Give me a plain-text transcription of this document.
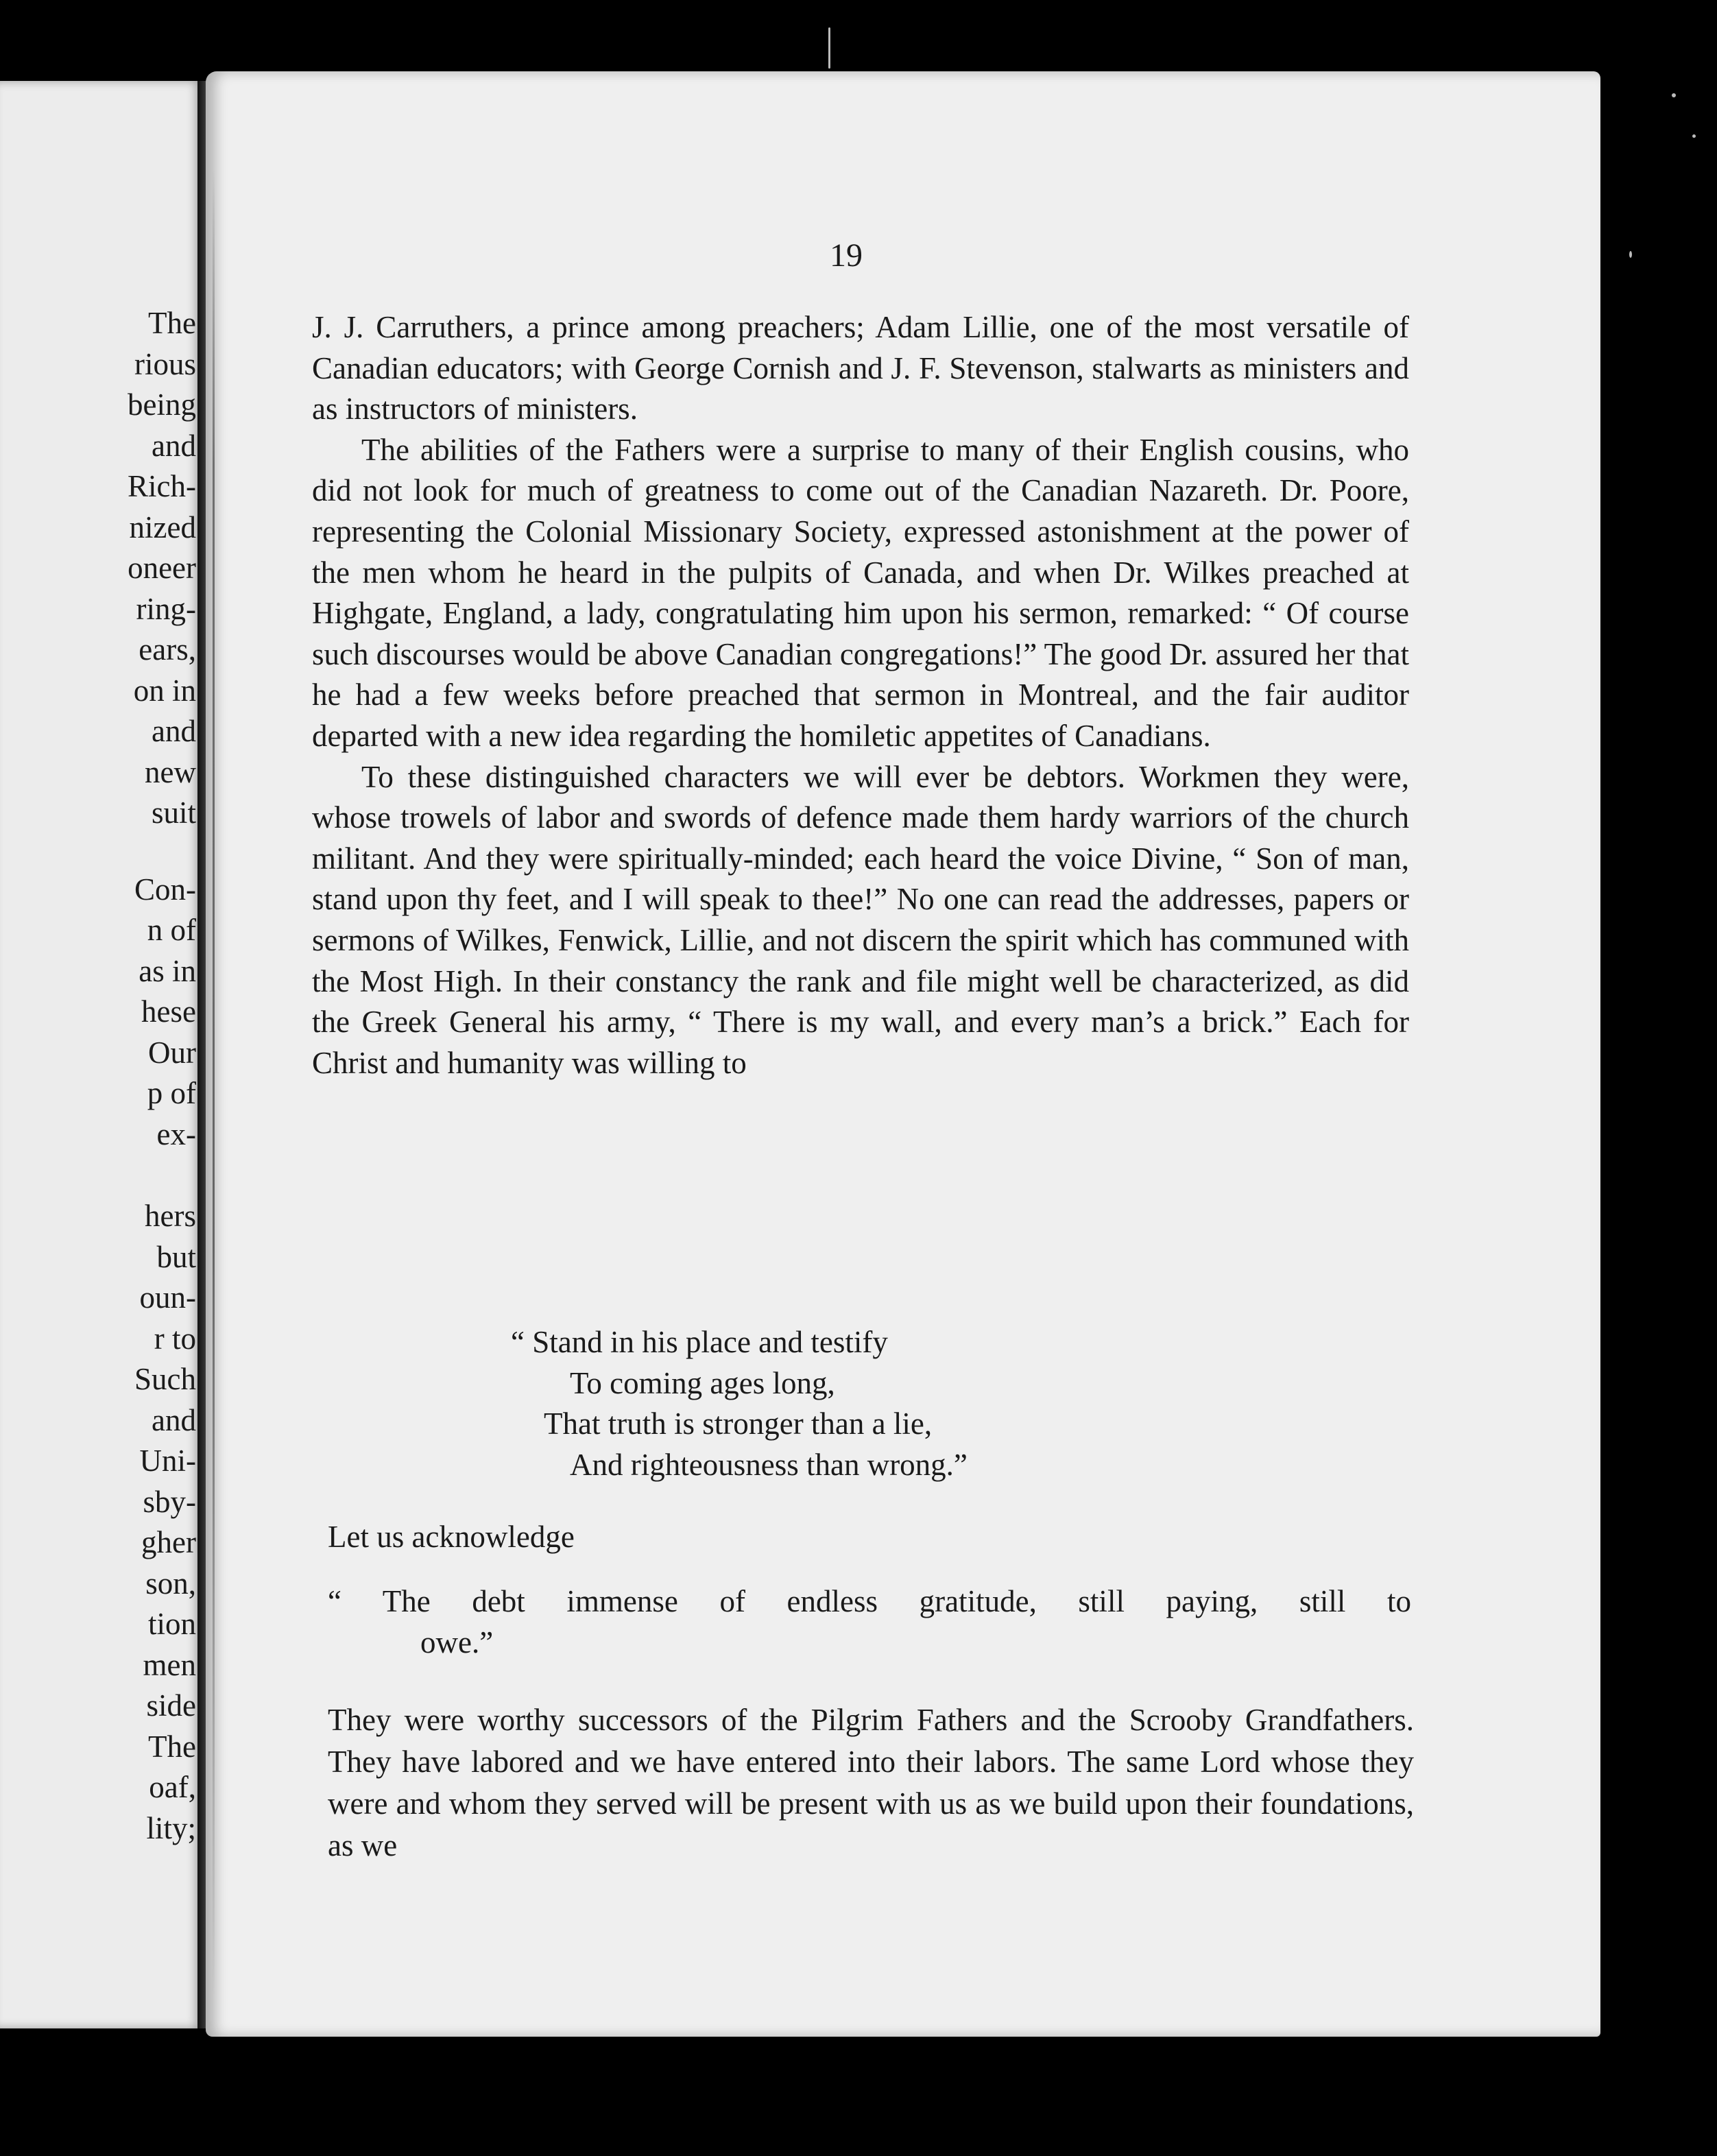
The
rious
being
and
Rich-
nized
oneer
ring-
ears,
on in
and
new
suit
Con-
n of
as in
hese
Our
p of
ex-
hers
but
oun-
r to
Such
and
Uni-
sby-
gher
son,
tion
men
side
The
oaf,
lity;
19

J. J. Carruthers, a prince among preachers; Adam Lillie, one of the most versatile of Canadian educators; with George Cornish and J. F. Stevenson, stalwarts as ministers and as instructors of ministers.

The abilities of the Fathers were a surprise to many of their English cousins, who did not look for much of greatness to come out of the Canadian Nazareth. Dr. Poore, representing the Colonial Missionary Society, expressed astonishment at the power of the men whom he heard in the pulpits of Canada, and when Dr. Wilkes preached at Highgate, England, a lady, congratulating him upon his sermon, remarked: “ Of course such discourses would be above Canadian congregations!” The good Dr. assured her that he had a few weeks before preached that sermon in Montreal, and the fair auditor departed with a new idea regarding the homiletic appetites of Canadians.

To these distinguished characters we will ever be debtors. Workmen they were, whose trowels of labor and swords of defence made them hardy warriors of the church militant. And they were spiritually-minded; each heard the voice Divine, “ Son of man, stand upon thy feet, and I will speak to thee!” No one can read the addresses, papers or sermons of Wilkes, Fenwick, Lillie, and not discern the spirit which has communed with the Most High. In their constancy the rank and file might well be characterized, as did the Greek General his army, “ There is my wall, and every man’s a brick.” Each for Christ and humanity was willing to

“ Stand in his place and testify
To coming ages long,
That truth is stronger than a lie,
And righteousness than wrong.”
Let us acknowledge
“ The debt immense of endless gratitude, still paying, still to
owe.”
They were worthy successors of the Pilgrim Fathers and the Scrooby Grandfathers. They have labored and we have entered into their labors. The same Lord whose they were and whom they served will be present with us as we build upon their foundations, as we
